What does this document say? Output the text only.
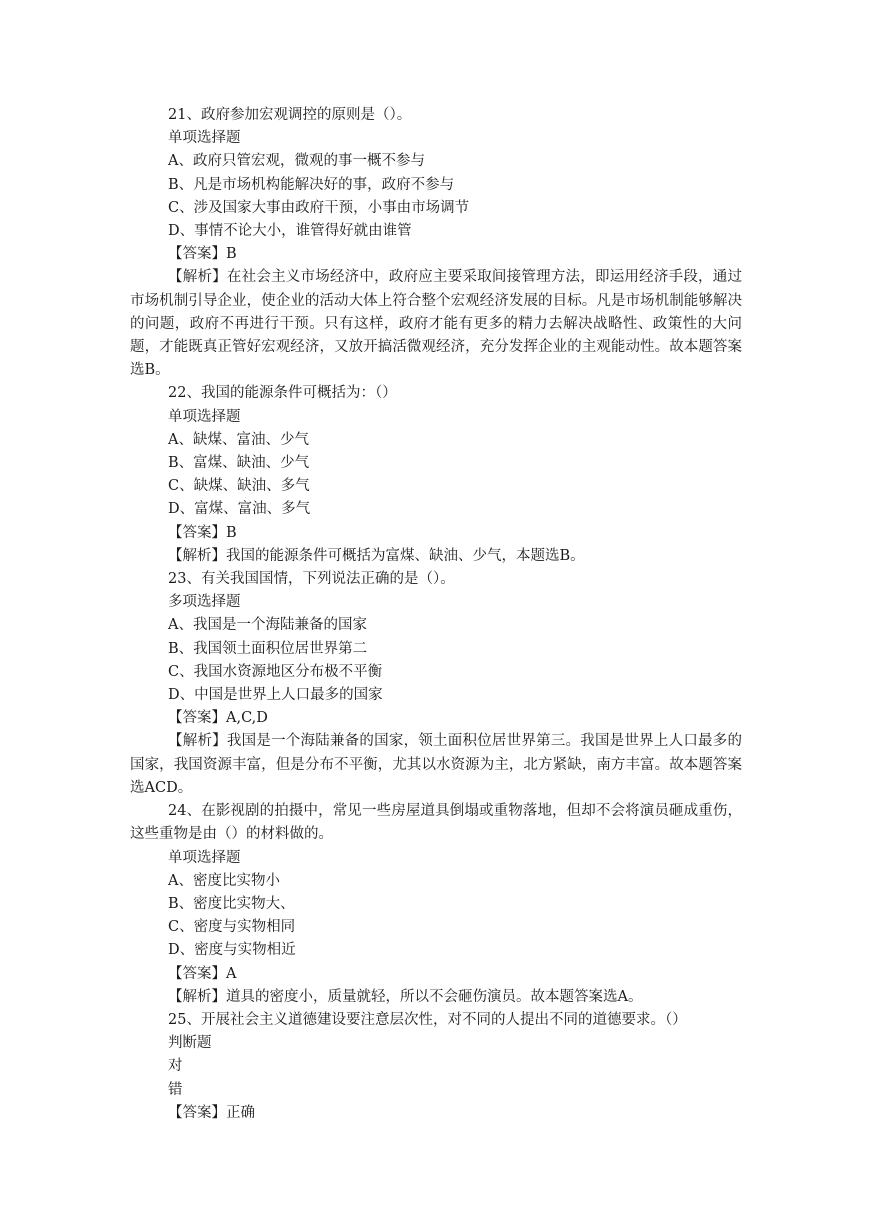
21、政府参加宏观调控的原则是（）。
单项选择题
A、政府只管宏观，微观的事一概不参与
B、凡是市场机构能解决好的事，政府不参与
C、涉及国家大事由政府干预，小事由市场调节
D、事情不论大小，谁管得好就由谁管
【答案】B
【解析】在社会主义市场经济中，政府应主要采取间接管理方法，即运用经济手段，通过市场机制引导企业，使企业的活动大体上符合整个宏观经济发展的目标。凡是市场机制能够解决的问题，政府不再进行干预。只有这样，政府才能有更多的精力去解决战略性、政策性的大问题，才能既真正管好宏观经济，又放开搞活微观经济，充分发挥企业的主观能动性。故本题答案选B。
22、我国的能源条件可概括为：（）
单项选择题
A、缺煤、富油、少气
B、富煤、缺油、少气
C、缺煤、缺油、多气
D、富煤、富油、多气
【答案】B
【解析】我国的能源条件可概括为富煤、缺油、少气，本题选B。
23、有关我国国情，下列说法正确的是（）。
多项选择题
A、我国是一个海陆兼备的国家
B、我国领土面积位居世界第二
C、我国水资源地区分布极不平衡
D、中国是世界上人口最多的国家
【答案】A,C,D
【解析】我国是一个海陆兼备的国家，领土面积位居世界第三。我国是世界上人口最多的国家，我国资源丰富，但是分布不平衡，尤其以水资源为主，北方紧缺，南方丰富。故本题答案选ACD。
24、在影视剧的拍摄中，常见一些房屋道具倒塌或重物落地，但却不会将演员砸成重伤，这些重物是由（）的材料做的。
单项选择题
A、密度比实物小
B、密度比实物大、
C、密度与实物相同
D、密度与实物相近
【答案】A
【解析】道具的密度小，质量就轻，所以不会砸伤演员。故本题答案选A。
25、开展社会主义道德建设要注意层次性，对不同的人提出不同的道德要求。（）
判断题
对
错
【答案】正确
